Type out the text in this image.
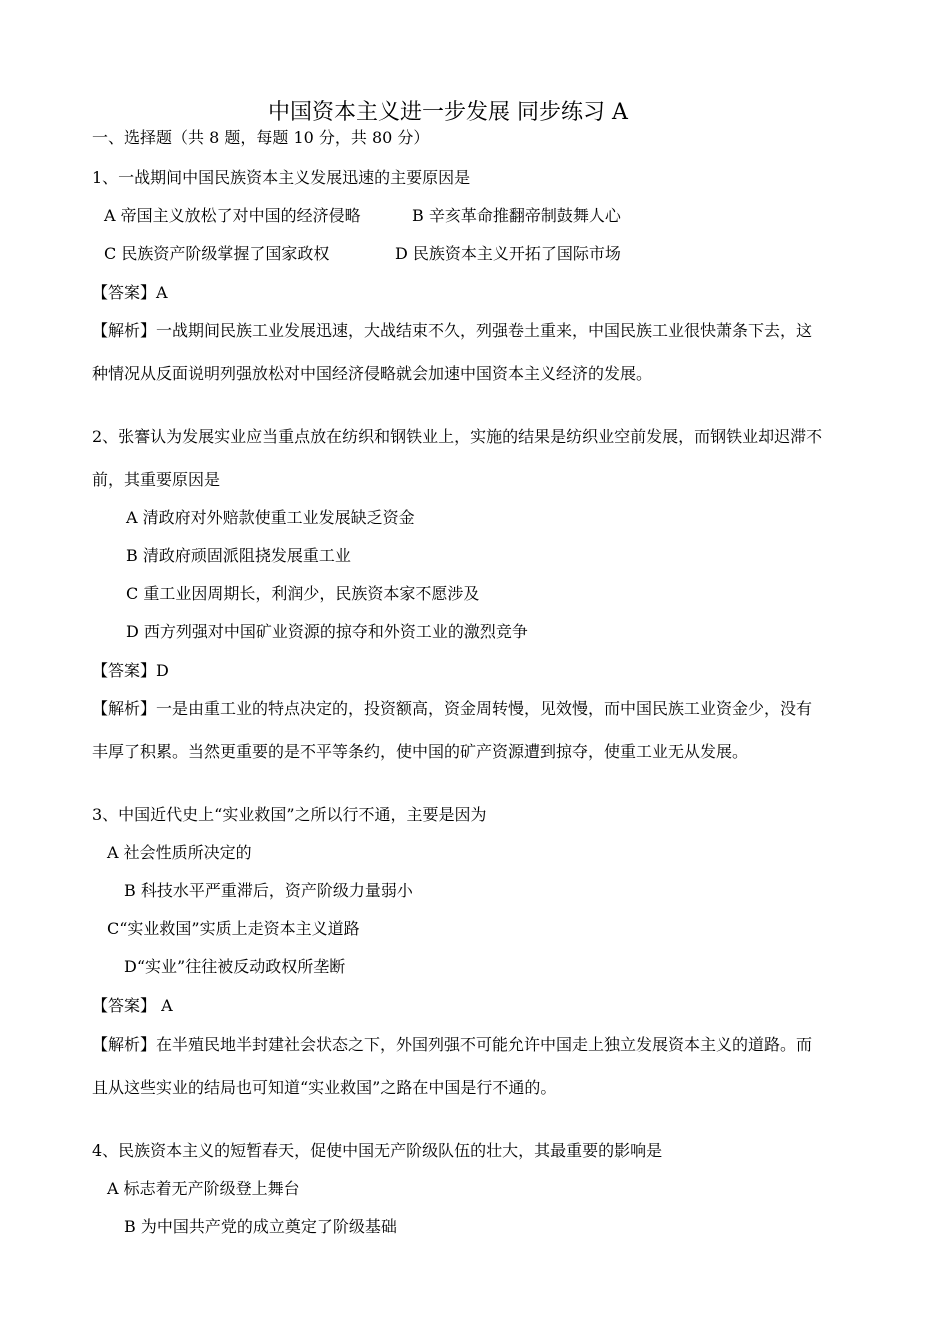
中国资本主义进一步发展 同步练习 A
一、选择题（共 8 题，每题 10 分，共 80 分）
1、一战期间中国民族资本主义发展迅速的主要原因是
A 帝国主义放松了对中国的经济侵略	B 辛亥革命推翻帝制鼓舞人心
C 民族资产阶级掌握了国家政权	D 民族资本主义开拓了国际市场
【答案】A
【解析】一战期间民族工业发展迅速，大战结束不久，列强卷土重来，中国民族工业很快萧条下去，这
种情况从反面说明列强放松对中国经济侵略就会加速中国资本主义经济的发展。
2、张謇认为发展实业应当重点放在纺织和钢铁业上，实施的结果是纺织业空前发展，而钢铁业却迟滞不
前，其重要原因是
A 清政府对外赔款使重工业发展缺乏资金
B 清政府顽固派阻挠发展重工业
C 重工业因周期长，利润少，民族资本家不愿涉及
D 西方列强对中国矿业资源的掠夺和外资工业的激烈竞争
【答案】D
【解析】一是由重工业的特点决定的，投资额高，资金周转慢，见效慢，而中国民族工业资金少，没有
丰厚了积累。当然更重要的是不平等条约，使中国的矿产资源遭到掠夺，使重工业无从发展。
3、中国近代史上“实业救国”之所以行不通，主要是因为
A 社会性质所决定的
B 科技水平严重滞后，资产阶级力量弱小
C“实业救国”实质上走资本主义道路
D“实业”往往被反动政权所垄断
【答案】 A
【解析】在半殖民地半封建社会状态之下，外国列强不可能允许中国走上独立发展资本主义的道路。而
且从这些实业的结局也可知道“实业救国”之路在中国是行不通的。
4、民族资本主义的短暂春天，促使中国无产阶级队伍的壮大，其最重要的影响是
A 标志着无产阶级登上舞台
B 为中国共产党的成立奠定了阶级基础
